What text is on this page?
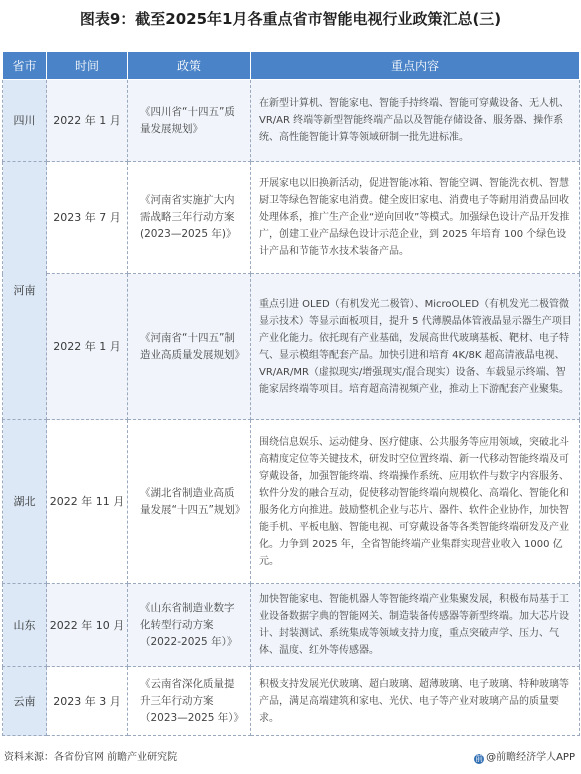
图表9：截至2025年1月各重点省市智能电视行业政策汇总(三)
省市	时间	政策	重点内容
四川	2022 年 1 月	《四川省“十四五”质量发展规划》	在新型计算机、智能家电、智能手持终端、智能可穿戴设备、无人机、VR/AR 终端等新型智能终端产品以及智能存储设备、服务器、操作系统、高性能智能计算等领域研制一批先进标准。
河南	2023 年 7 月	《河南省实施扩大内需战略三年行动方案(2023—2025 年)》	开展家电以旧换新活动，促进智能冰箱、智能空调、智能洗衣机、智慧厨卫等绿色智能家电消费。健全废旧家电、消费电子等耐用消费品回收处理体系，推广生产企业“逆向回收”等模式。加强绿色设计产品开发推广，创建工业产品绿色设计示范企业，到 2025 年培育 100 个绿色设计产品和节能节水技术装备产品。
	2022 年 1 月	《河南省“十四五”制造业高质量发展规划》	重点引进 OLED（有机发光二极管）、MicroOLED（有机发光二极管微显示技术）等显示面板项目，提升 5 代薄膜晶体管液晶显示器生产项目产业化能力。依托现有产业基础，发展高世代玻璃基板、靶材、电子特气、显示模组等配套产品。加快引进和培育 4K/8K 超高清液晶电视、VR/AR/MR（虚拟现实/增强现实/混合现实）设备、车载显示终端、智能家居终端等项目。培育超高清视频产业，推动上下游配套产业聚集。
湖北	2022 年 11 月	《湖北省制造业高质量发展“十四五”规划》	围绕信息娱乐、运动健身、医疗健康、公共服务等应用领域，突破北斗高精度定位等关键技术，研发时空位置终端、新一代移动智能终端及可穿戴设备，加强智能终端、终端操作系统、应用软件与数字内容服务、软件分发的融合互动，促使移动智能终端向规模化、高端化、智能化和服务化方向推进。鼓励整机企业与芯片、器件、软件企业协作，加快智能手机、平板电脑、智能电视、可穿戴设备等各类智能终端研发及产业化。力争到 2025 年，全省智能终端产业集群实现营业收入 1000 亿元。
山东	2022 年 10 月	《山东省制造业数字化转型行动方案（2022-2025 年）》	加快智能家电、智能机器人等智能终端产业集聚发展，积极布局基于工业设备数据字典的智能网关、制造装备传感器等新型终端。加大芯片设计、封装测试、系统集成等领域支持力度，重点突破声学、压力、气体、温度、红外等传感器。
云南	2023 年 3 月	《云南省深化质量提升三年行动方案（2023—2025 年）》	积极支持发展光伏玻璃、超白玻璃、超薄玻璃、电子玻璃、特种玻璃等产品，满足高端建筑和家电、光伏、电子等产业对玻璃产品的质量要求。
资料来源：各省份官网 前瞻产业研究院	前 @前瞻经济学人APP
